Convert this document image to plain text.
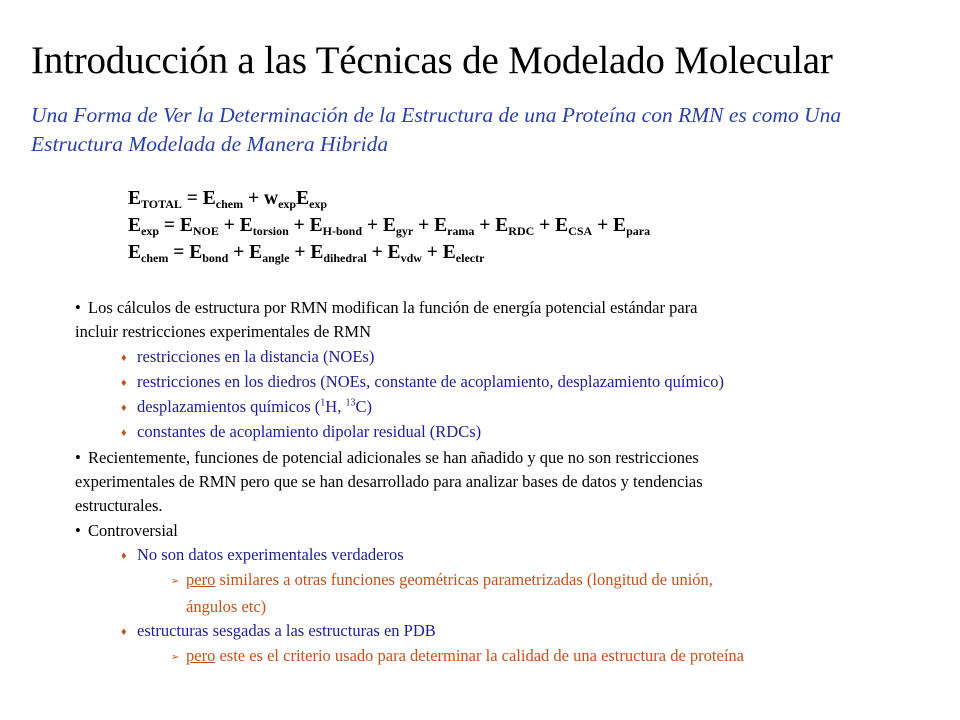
Introducción a las Técnicas de Modelado Molecular
Una Forma de Ver la Determinación de la Estructura de una Proteína con RMN es como Una Estructura Modelada de Manera Hibrida
$E_{TOTAL} = E_{chem} + w_{exp}E_{exp}$
$E_{exp} = E_{NOE} + E_{torsion} + E_{H-bond} + E_{gyr} + E_{rama} + E_{RDC} + E_{CSA} + E_{para}$
$E_{chem} = E_{bond} + E_{angle} + E_{dihedral} + E_{vdw} + E_{electr}$
• Los cálculos de estructura por RMN modifican la función de energía potencial estándar para
incluir restricciones experimentales de RMN
♦ restricciones en la distancia (NOEs)
♦ restricciones en los diedros (NOEs, constante de acoplamiento, desplazamiento químico)
♦ desplazamientos químicos ($^1$H, $^{13}$C)
♦ constantes de acoplamiento dipolar residual (RDCs)
• Recientemente, funciones de potencial adicionales se han añadido y que no son restricciones
experimentales de RMN pero que se han desarrollado para analizar bases de datos y tendencias
estructurales.
• Controversial
♦ No son datos experimentales verdaderos
➢ pero similares a otras funciones geométricas parametrizadas (longitud de unión,
ángulos etc)
♦ estructuras sesgadas a las estructuras en PDB
➢ pero este es el criterio usado para determinar la calidad de una estructura de proteína
